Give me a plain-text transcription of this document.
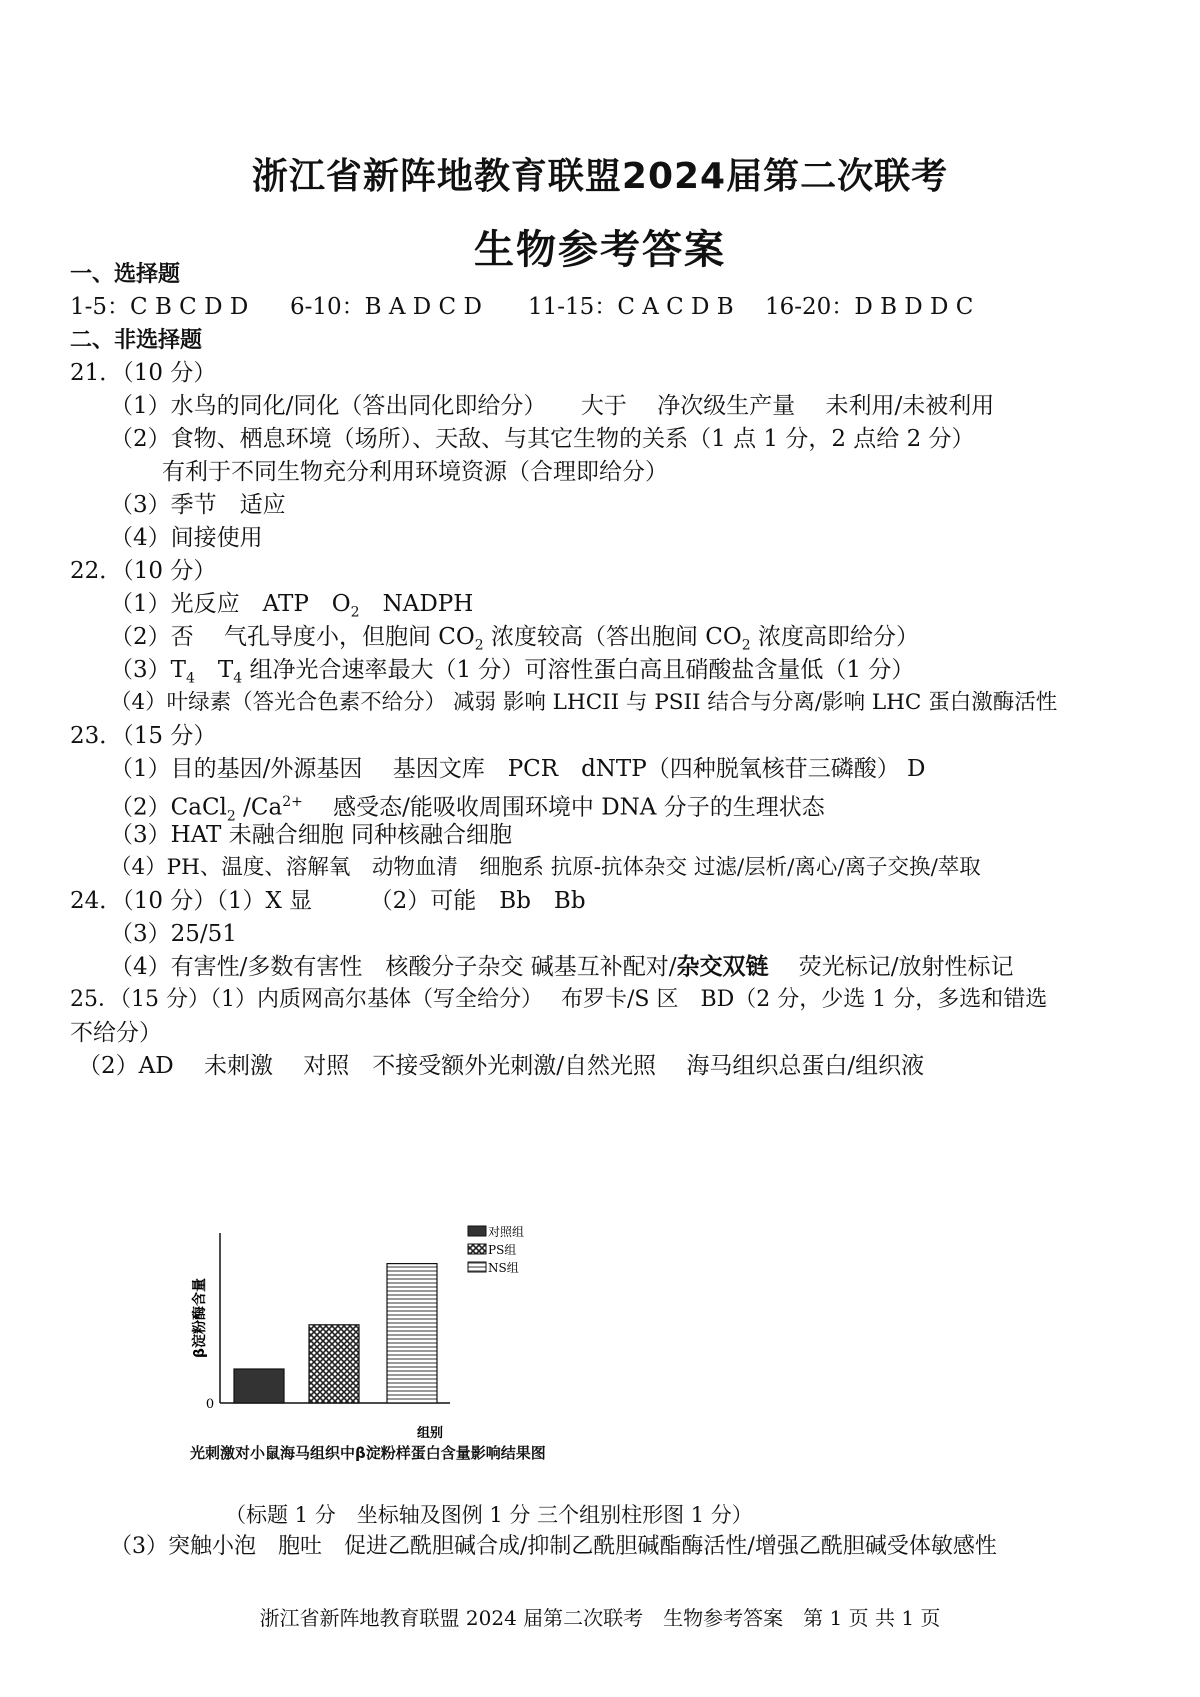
浙江省新阵地教育联盟2024届第二次联考
生物参考答案
一、选择题
1-5：C B C D D 6-10：B A D C D 11-15：C A C D B 16-20：D B D D C
二、非选择题
21．（10 分）
（1）水鸟的同化/同化（答出同化即给分）　　大于　 净次级生产量　 未利用/未被利用
（2）食物、栖息环境（场所）、天敌、与其它生物的关系（1 点 1 分，2 点给 2 分）
有利于不同生物充分利用环境资源（合理即给分）
（3）季节　适应
（4）间接使用
22．（10 分）
（1）光反应　ATP　$O_2$　NADPH
（2）否　 气孔导度小，但胞间 $CO_2$ 浓度较高（答出胞间 $CO_2$ 浓度高即给分）
$(3)T_4$　$T_4$ 组净光合速率最大（1 分）可溶性蛋白高且硝酸盐含量低（1 分）
（4）叶绿素（答光合色素不给分） 减弱 影响 LHCII 与 PSII 结合与分离/影响 LHC 蛋白激酶活性
23．（15 分）
（1）目的基因/外源基因　 基因文库　PCR　dNTP（四种脱氧核苷三磷酸） D
（2）CaCl$_2$ $/Ca^{2+}$　 感受态/能吸收周围环境中 DNA 分子的生理状态
（3）HAT 未融合细胞 同种核融合细胞
（4）PH、温度、溶解氧　动物血清　细胞系 抗原-抗体杂交 过滤/层析/离心/离子交换/萃取
24．（10 分）（1）X 显　　　（2）可能　Bb　Bb
（3）25/51
（4）有害性/多数有害性　核酸分子杂交 碱基互补配对/杂交双链　 荧光标记/放射性标记
25．（15 分）（1）内质网高尔基体（写全给分）　 布罗卡/S 区　BD（2 分，少选 1 分，多选和错选
不给分）
（2）AD　 未刺激　 对照　不接受额外光刺激/自然光照　 海马组织总蛋白/组织液
β淀粉酶含量
0
组别
对照组
PS组
NS组
光刺激对小鼠海马组织中β淀粉样蛋白含量影响结果图
（标题 1 分　坐标轴及图例 1 分 三个组别柱形图 1 分）
（3）突触小泡　胞吐　促进乙酰胆碱合成/抑制乙酰胆碱酯酶活性/增强乙酰胆碱受体敏感性
浙江省新阵地教育联盟 2024 届第二次联考　生物参考答案　第 1 页 共 1 页
